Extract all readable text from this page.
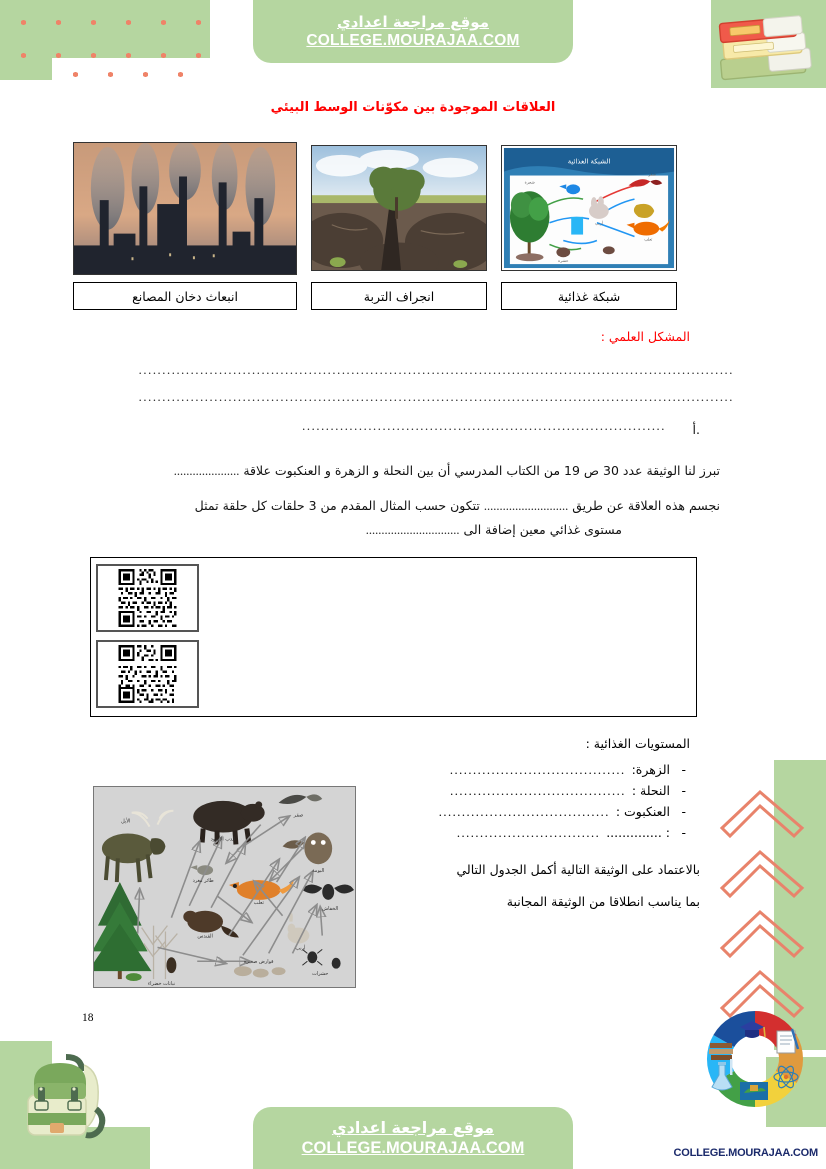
موقع مراجعة اعدادي
COLLEGE.MOURAJAA.COM
العلاقات الموجودة بين مكوّنات الوسط البيئي
الشبكة الغذائية
شجرة
أرنب
ثعلب
صقر
حشرة
انبعاث دخان المصانع	انجراف التربة	شبكة غذائية
المشكل العلمي :
..............................................................................................................................
..............................................................................................................................
............................................................................. .أ
تبرز لنا الوثيقة عدد 30 ص 19 من الكتاب المدرسي أن بين النحلة و الزهرة و العنكبوت علاقة .....................
نجسم هذه العلاقة عن طريق ........................... تتكون حسب المثال المقدم من 3 حلقات كل حلقة تمثل
مستوى غذائي معين إضافة الى ..............................
المستويات الغذائية :
-
الزهرة:
......................................
-
النحلة :
......................................
-
العنكبوت :
.....................................
-
: ..............
...............................
بالاعتماد على الوثيقة التالية أكمل الجدول التالي
بما يناسب انطلاقا من الوثيقة المجانبة
الأيل
الدب الأسود
طائر مغرد
ثعلب
البومة
الخفاش
القندس
أرنب
حشرات
قوارض صغيرة
نباتات خضراء
صقر
18
COLLEGE.MOURAJAA.COM
موقع مراجعة اعدادي
COLLEGE.MOURAJAA.COM
